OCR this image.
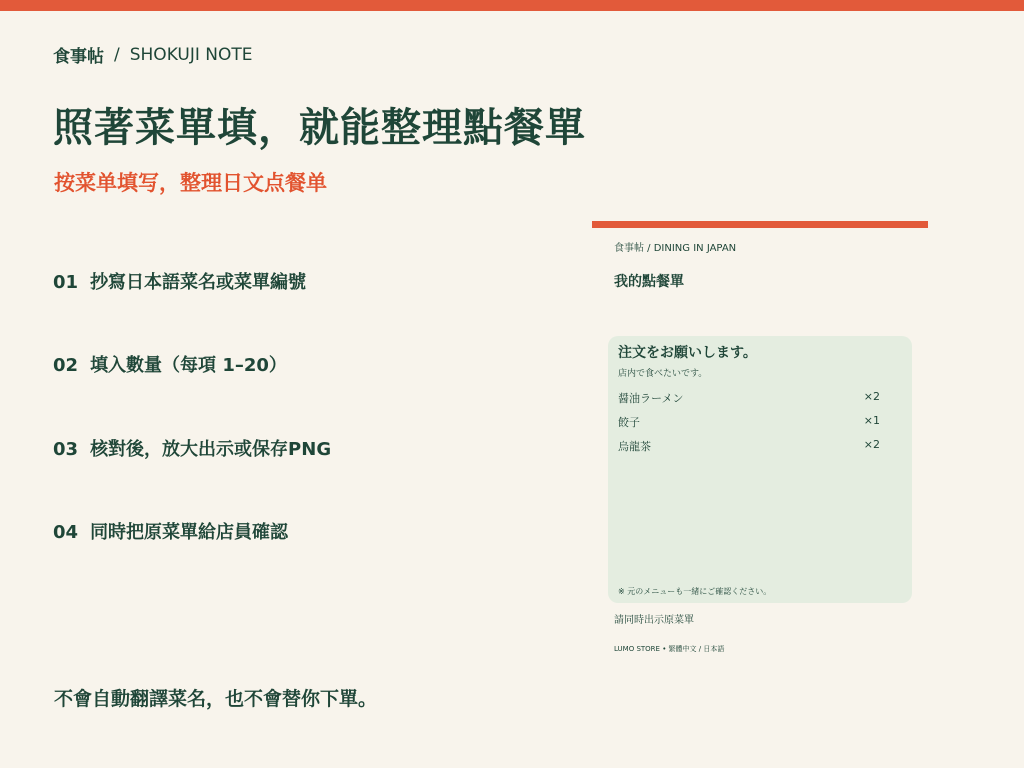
食事帖 / SHOKUJI NOTE
照著菜單填，就能整理點餐單
按菜单填写，整理日文点餐单
01 抄寫日本語菜名或菜單編號
02 填入數量（每項 1–20）
03 核對後，放大出示或保存PNG
04 同時把原菜單給店員確認
不會自動翻譯菜名，也不會替你下單。
食事帖 / DINING IN JAPAN
我的點餐單
注文をお願いします。
店内で食べたいです。
醤油ラーメン	×2
餃子	×1
烏龍茶	×2
※ 元のメニューも一緒にご確認ください。
請同時出示原菜單
LUMO STORE • 繁體中文 / 日本語
